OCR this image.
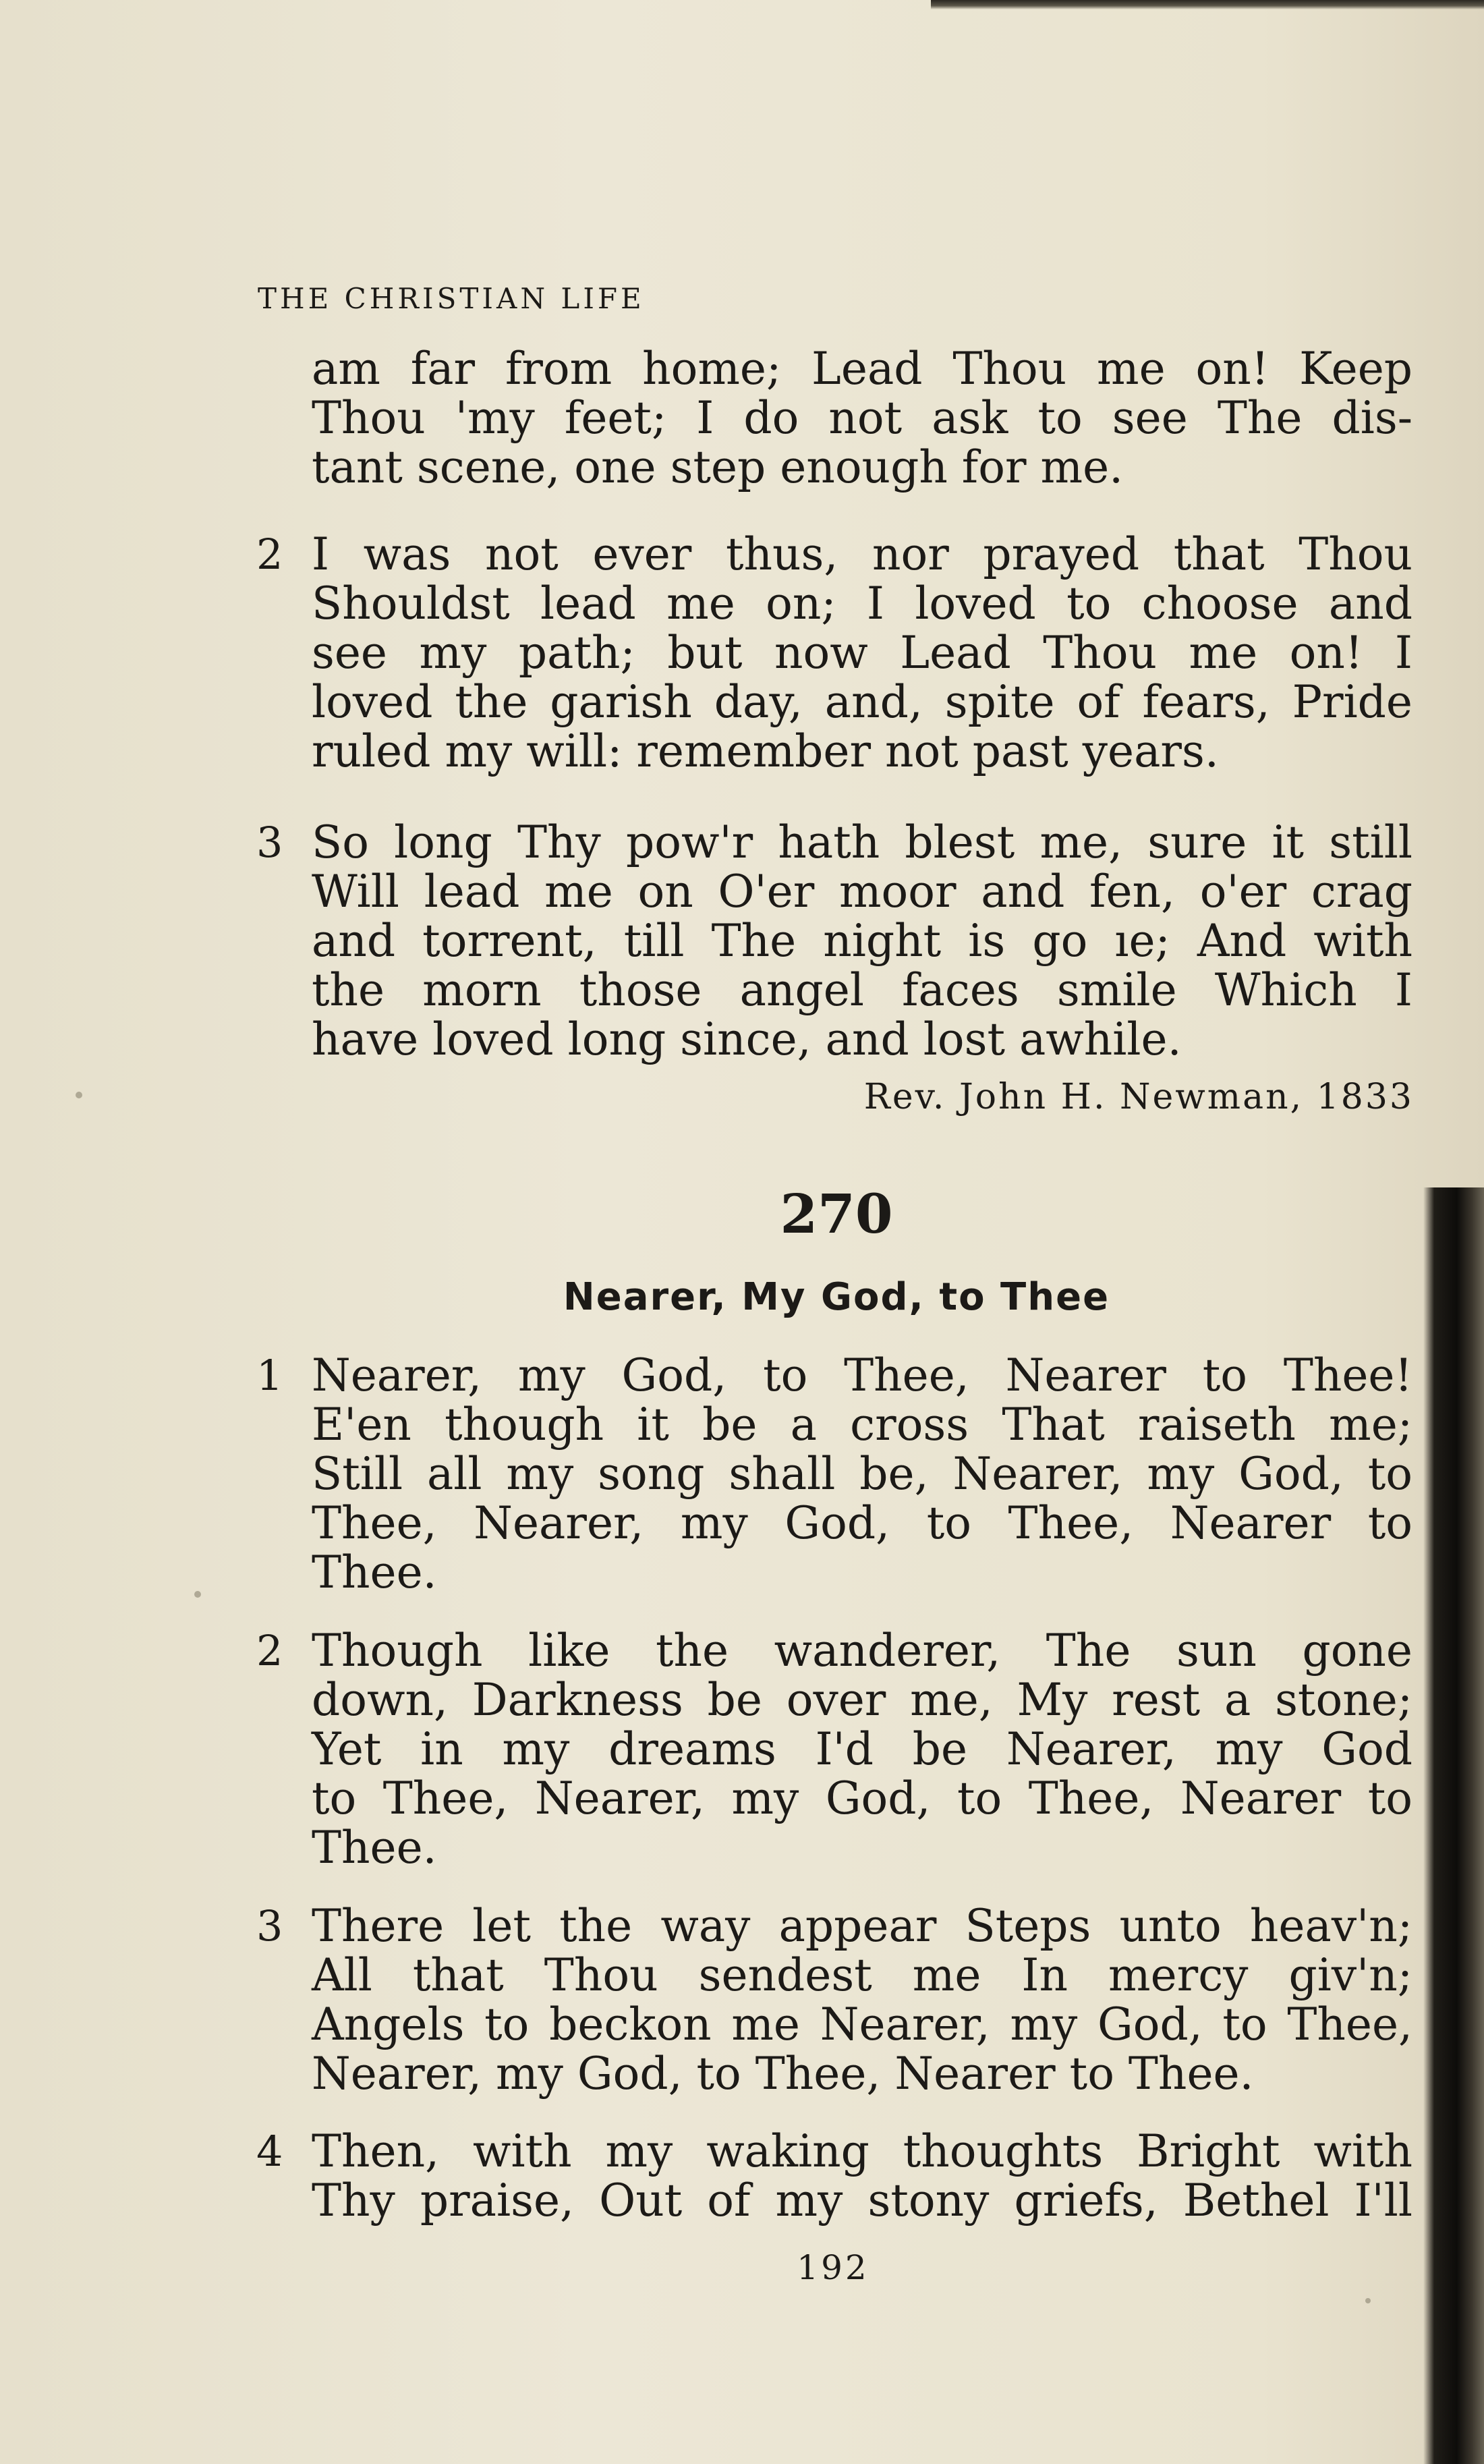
THE CHRISTIAN LIFE
am far from home; Lead Thou me on! Keep
Thou 'my feet; I do not ask to see The dis-
tant scene, one step enough for me.
2 I was not ever thus, nor prayed that Thou
Shouldst lead me on; I loved to choose and
see my path; but now Lead Thou me on! I
loved the garish day, and, spite of fears, Pride
ruled my will: remember not past years.
3 So long Thy pow'r hath blest me, sure it still
Will lead me on O'er moor and fen, o'er crag
and torrent, till The night is go ıe; And with
the morn those angel faces smile Which I
have loved long since, and lost awhile.
Rev. John H. Newman, 1833
270
Nearer, My God, to Thee
1 Nearer, my God, to Thee, Nearer to Thee!
E'en though it be a cross That raiseth me;
Still all my song shall be, Nearer, my God, to
Thee, Nearer, my God, to Thee, Nearer to
Thee.
2 Though like the wanderer, The sun gone
down, Darkness be over me, My rest a stone;
Yet in my dreams I'd be Nearer, my God
to Thee, Nearer, my God, to Thee, Nearer to
Thee.
3 There let the way appear Steps unto heav'n;
All that Thou sendest me In mercy giv'n;
Angels to beckon me Nearer, my God, to Thee,
Nearer, my God, to Thee, Nearer to Thee.
4 Then, with my waking thoughts Bright with
Thy praise, Out of my stony griefs, Bethel I'll
192
